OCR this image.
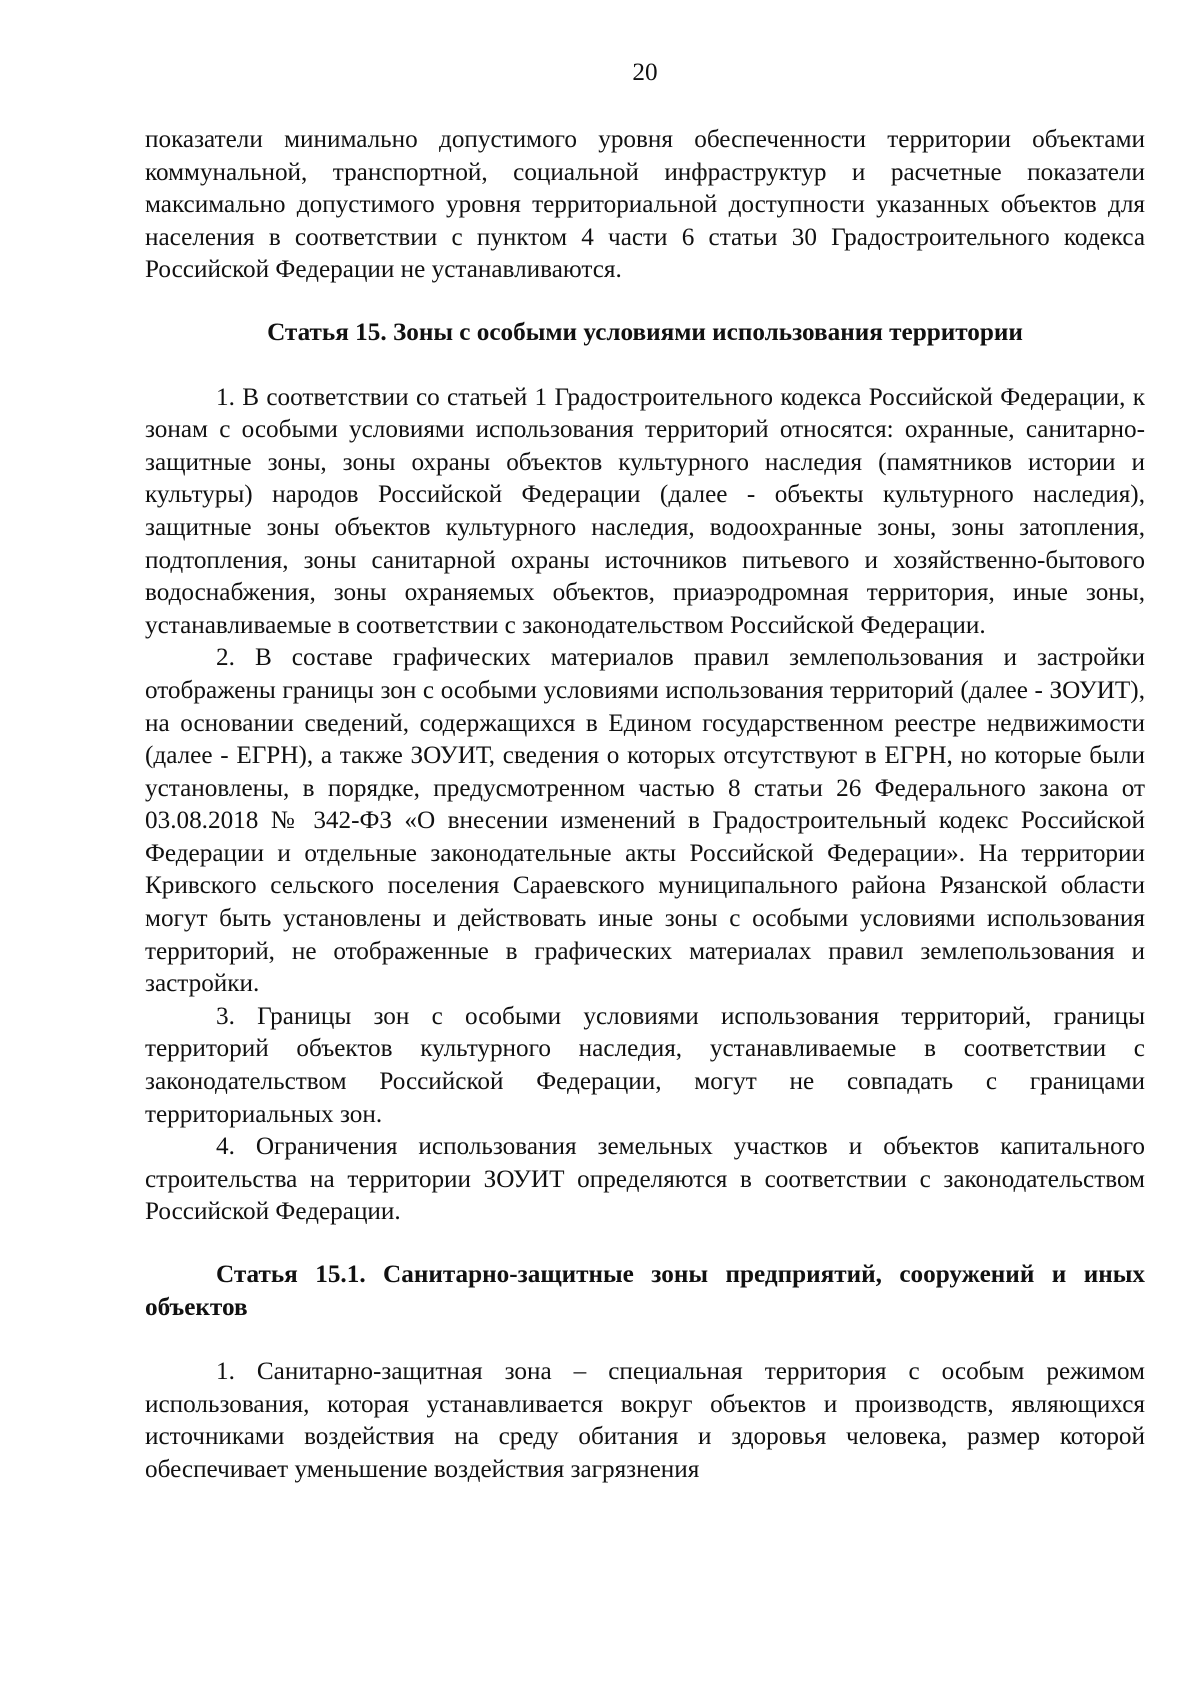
20

показатели минимально допустимого уровня обеспеченности территории объектами коммунальной, транспортной, социальной инфраструктур и расчетные показатели максимально допустимого уровня территориальной доступности указанных объектов для населения в соответствии с пунктом 4 части 6 статьи 30 Градостроительного кодекса Российской Федерации не устанавливаются.

Статья 15. Зоны с особыми условиями использования территории

1. В соответствии со статьей 1 Градостроительного кодекса Российской Федерации, к зонам с особыми условиями использования территорий относятся: охранные, санитарно-защитные зоны, зоны охраны объектов культурного наследия (памятников истории и культуры) народов Российской Федерации (далее - объекты культурного наследия), защитные зоны объектов культурного наследия, водоохранные зоны, зоны затопления, подтопления, зоны санитарной охраны источников питьевого и хозяйственно-бытового водоснабжения, зоны охраняемых объектов, приаэродромная территория, иные зоны, устанавливаемые в соответствии с законодательством Российской Федерации.

2. В составе графических материалов правил землепользования и застройки отображены границы зон с особыми условиями использования территорий (далее - ЗОУИТ), на основании сведений, содержащихся в Едином государственном реестре недвижимости (далее - ЕГРН), а также ЗОУИТ, сведения о которых отсутствуют в ЕГРН, но которые были установлены, в порядке, предусмотренном частью 8 статьи 26 Федерального закона от 03.08.2018 № 342-ФЗ «О внесении изменений в Градостроительный кодекс Российской Федерации и отдельные законодательные акты Российской Федерации». На территории Кривского сельского поселения Сараевского муниципального района Рязанской области могут быть установлены и действовать иные зоны с особыми условиями использования территорий, не отображенные в графических материалах правил землепользования и застройки.

3. Границы зон с особыми условиями использования территорий, границы территорий объектов культурного наследия, устанавливаемые в соответствии с законодательством Российской Федерации, могут не совпадать с границами территориальных зон.

4. Ограничения использования земельных участков и объектов капитального строительства на территории ЗОУИТ определяются в соответствии с законодательством Российской Федерации.

Статья 15.1. Санитарно-защитные зоны предприятий, сооружений и иных объектов

1. Санитарно-защитная зона – специальная территория с особым режимом использования, которая устанавливается вокруг объектов и производств, являющихся источниками воздействия на среду обитания и здоровья человека, размер которой обеспечивает уменьшение воздействия загрязнения
